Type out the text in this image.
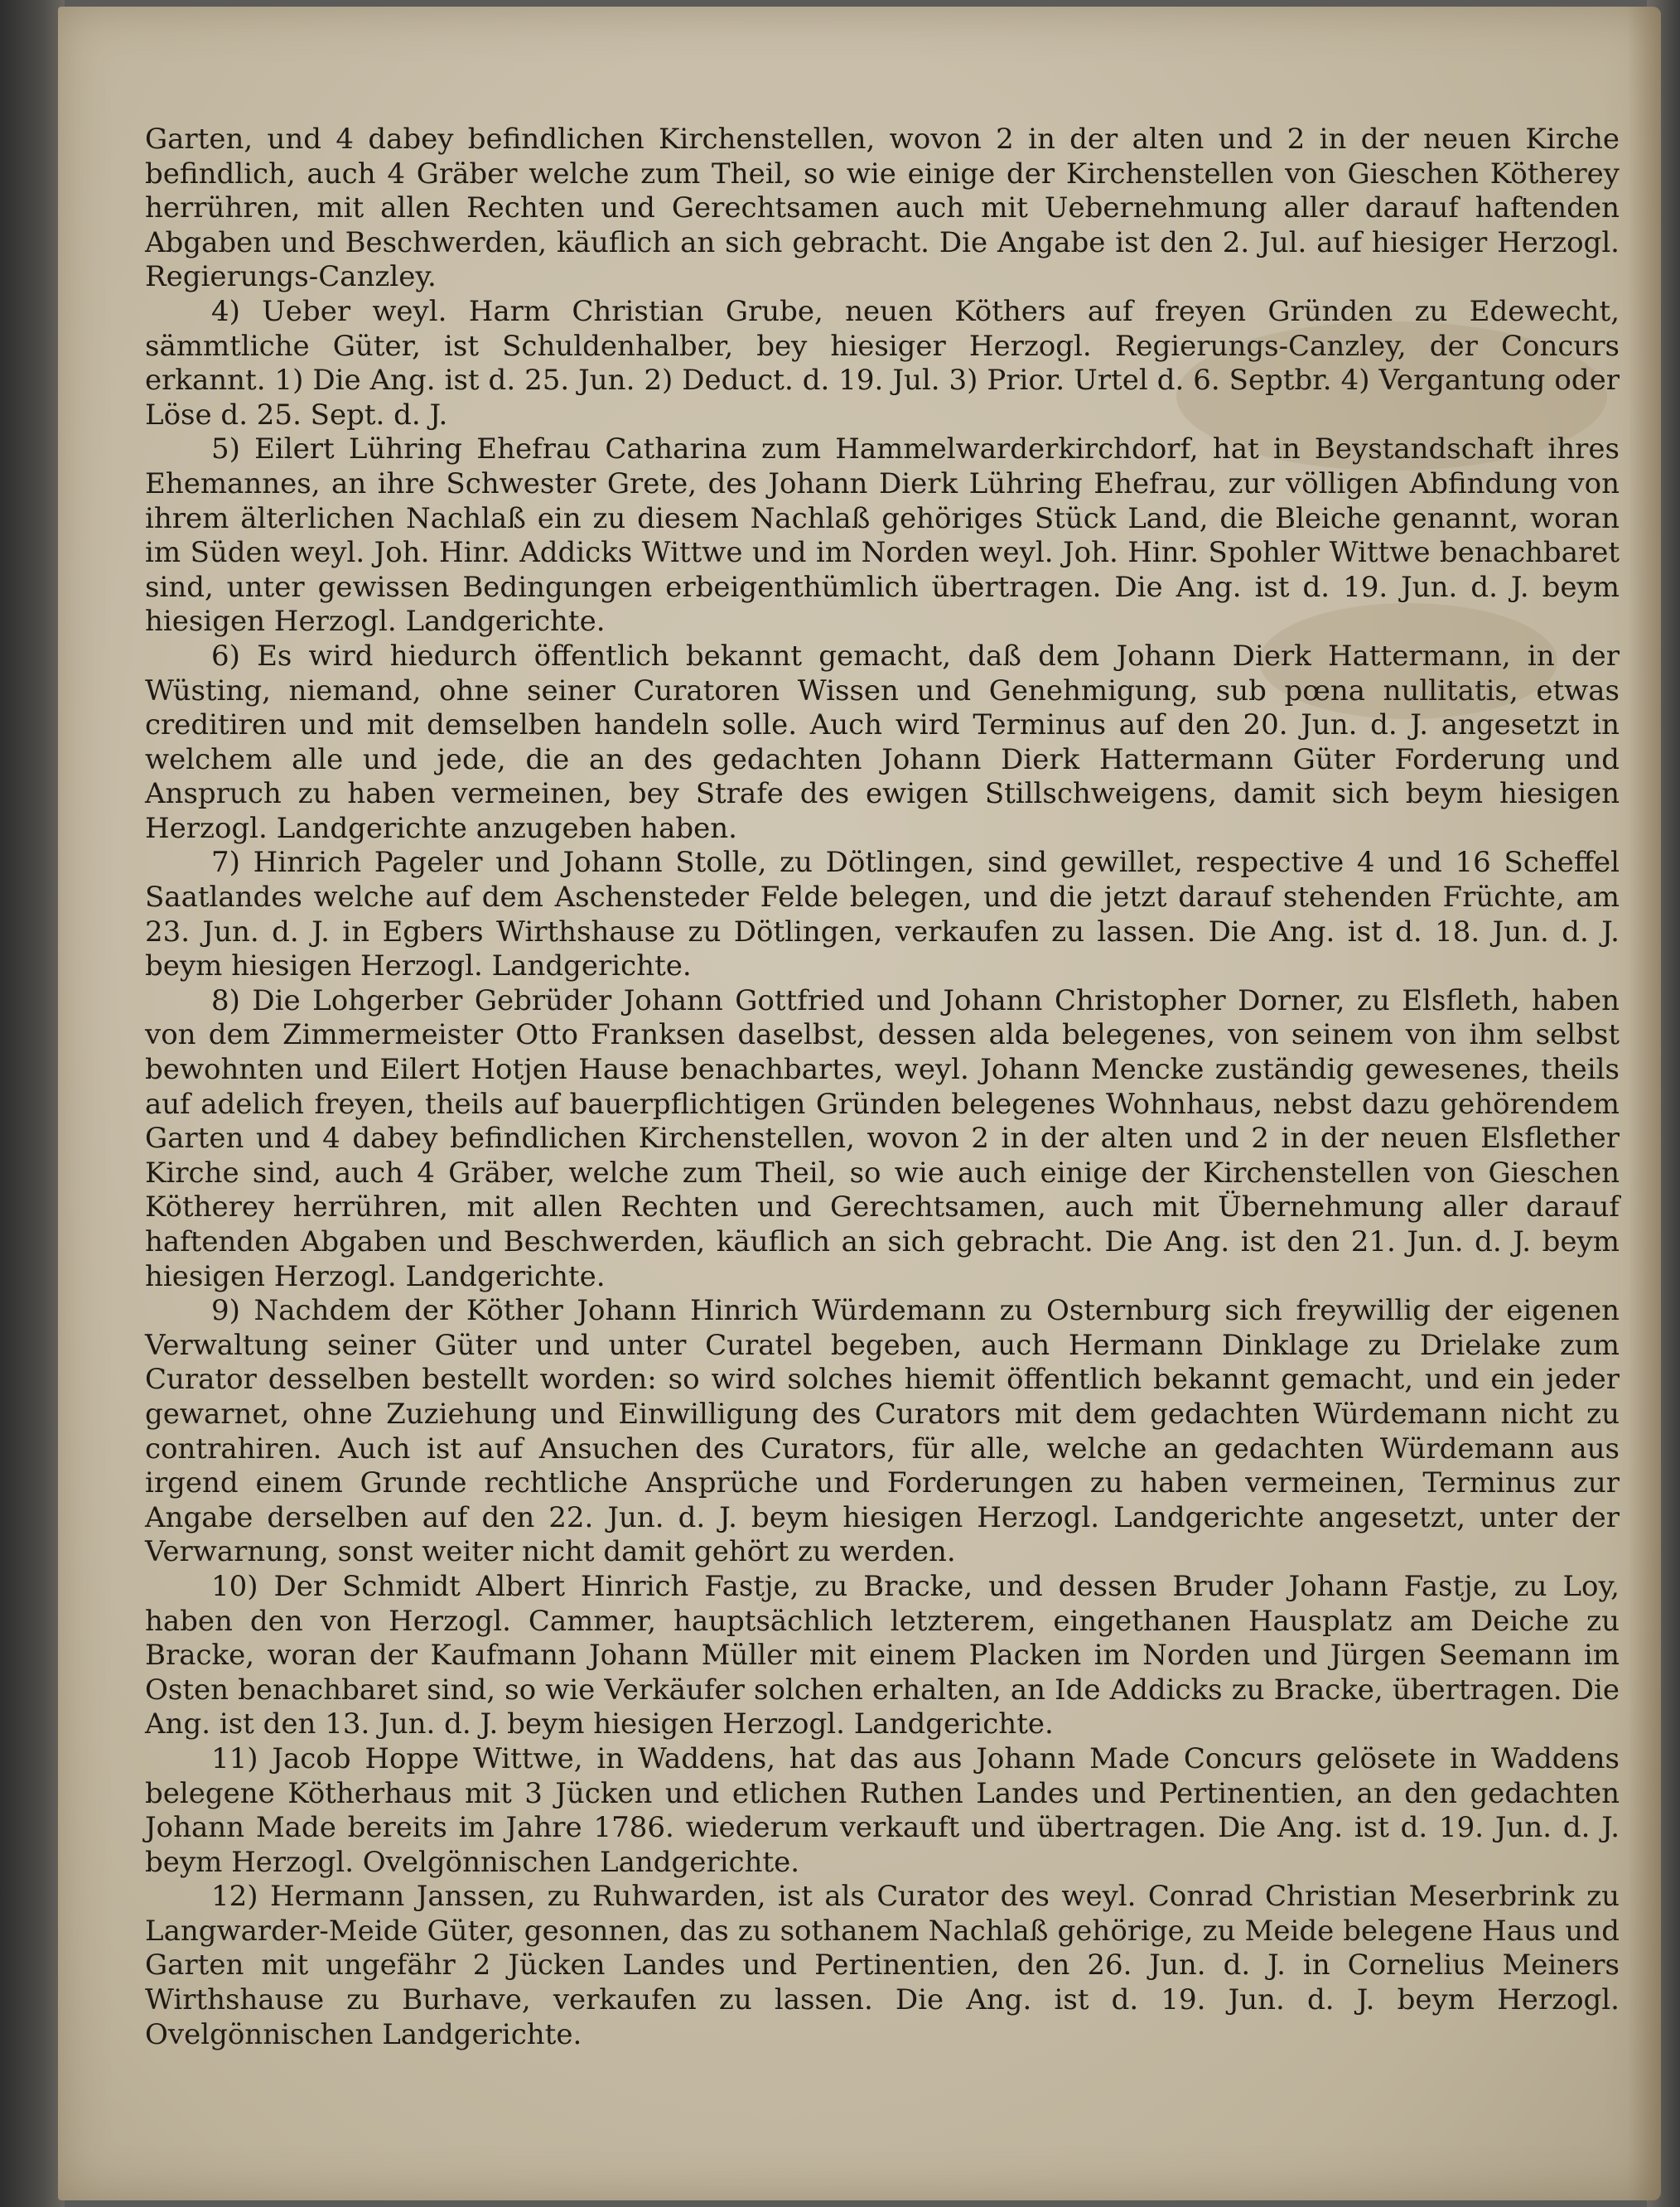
Garten, und 4 dabey befindlichen Kirchenstellen, wovon 2 in der alten und 2 in der neuen Kirche befindlich, auch 4 Gräber welche zum Theil, so wie einige der Kirchenstellen von Gieschen Kötherey herrühren, mit allen Rechten und Gerechtsamen auch mit Uebernehmung aller darauf haftenden Abgaben und Beschwerden, käuflich an sich gebracht. Die Angabe ist den 2. Jul. auf hiesiger Herzogl. Regierungs-Canzley.

4) Ueber weyl. Harm Christian Grube, neuen Köthers auf freyen Gründen zu Edewecht, sämmtliche Güter, ist Schuldenhalber, bey hiesiger Herzogl. Regierungs-Canzley, der Concurs erkannt. 1) Die Ang. ist d. 25. Jun. 2) Deduct. d. 19. Jul. 3) Prior. Urtel d. 6. Septbr. 4) Vergantung oder Löse d. 25. Sept. d. J.

5) Eilert Lühring Ehefrau Catharina zum Hammelwarderkirchdorf, hat in Beystandschaft ihres Ehemannes, an ihre Schwester Grete, des Johann Dierk Lühring Ehefrau, zur völligen Abfindung von ihrem älterlichen Nachlaß ein zu diesem Nachlaß gehöriges Stück Land, die Bleiche genannt, woran im Süden weyl. Joh. Hinr. Addicks Wittwe und im Norden weyl. Joh. Hinr. Spohler Wittwe benachbaret sind, unter gewissen Bedingungen erbeigenthümlich übertragen. Die Ang. ist d. 19. Jun. d. J. beym hiesigen Herzogl. Landgerichte.

6) Es wird hiedurch öffentlich bekannt gemacht, daß dem Johann Dierk Hattermann, in der Wüsting, niemand, ohne seiner Curatoren Wissen und Genehmigung, sub pœna nullitatis, etwas creditiren und mit demselben handeln solle. Auch wird Terminus auf den 20. Jun. d. J. angesetzt in welchem alle und jede, die an des gedachten Johann Dierk Hattermann Güter Forderung und Anspruch zu haben vermeinen, bey Strafe des ewigen Stillschweigens, damit sich beym hiesigen Herzogl. Landgerichte anzugeben haben.

7) Hinrich Pageler und Johann Stolle, zu Dötlingen, sind gewillet, respective 4 und 16 Scheffel Saatlandes welche auf dem Aschensteder Felde belegen, und die jetzt darauf stehenden Früchte, am 23. Jun. d. J. in Egbers Wirthshause zu Dötlingen, verkaufen zu lassen. Die Ang. ist d. 18. Jun. d. J. beym hiesigen Herzogl. Landgerichte.

8) Die Lohgerber Gebrüder Johann Gottfried und Johann Christopher Dorner, zu Elsfleth, haben von dem Zimmermeister Otto Franksen daselbst, dessen alda belegenes, von seinem von ihm selbst bewohnten und Eilert Hotjen Hause benachbartes, weyl. Johann Mencke zuständig gewesenes, theils auf adelich freyen, theils auf bauerpflichtigen Gründen belegenes Wohnhaus, nebst dazu gehörendem Garten und 4 dabey befindlichen Kirchenstellen, wovon 2 in der alten und 2 in der neuen Elsflether Kirche sind, auch 4 Gräber, welche zum Theil, so wie auch einige der Kirchenstellen von Gieschen Kötherey herrühren, mit allen Rechten und Gerechtsamen, auch mit Übernehmung aller darauf haftenden Abgaben und Beschwerden, käuflich an sich gebracht. Die Ang. ist den 21. Jun. d. J. beym hiesigen Herzogl. Landgerichte.

9) Nachdem der Köther Johann Hinrich Würdemann zu Osternburg sich freywillig der eigenen Verwaltung seiner Güter und unter Curatel begeben, auch Hermann Dinklage zu Drielake zum Curator desselben bestellt worden: so wird solches hiemit öffentlich bekannt gemacht, und ein jeder gewarnet, ohne Zuziehung und Einwilligung des Curators mit dem gedachten Würdemann nicht zu contrahiren. Auch ist auf Ansuchen des Curators, für alle, welche an gedachten Würdemann aus irgend einem Grunde rechtliche Ansprüche und Forderungen zu haben vermeinen, Terminus zur Angabe derselben auf den 22. Jun. d. J. beym hiesigen Herzogl. Landgerichte angesetzt, unter der Verwarnung, sonst weiter nicht damit gehört zu werden.

10) Der Schmidt Albert Hinrich Fastje, zu Bracke, und dessen Bruder Johann Fastje, zu Loy, haben den von Herzogl. Cammer, hauptsächlich letzterem, eingethanen Hausplatz am Deiche zu Bracke, woran der Kaufmann Johann Müller mit einem Placken im Norden und Jürgen Seemann im Osten benachbaret sind, so wie Verkäufer solchen erhalten, an Ide Addicks zu Bracke, übertragen. Die Ang. ist den 13. Jun. d. J. beym hiesigen Herzogl. Landgerichte.

11) Jacob Hoppe Wittwe, in Waddens, hat das aus Johann Made Concurs gelösete in Waddens belegene Kötherhaus mit 3 Jücken und etlichen Ruthen Landes und Pertinentien, an den gedachten Johann Made bereits im Jahre 1786. wiederum verkauft und übertragen. Die Ang. ist d. 19. Jun. d. J. beym Herzogl. Ovelgönnischen Landgerichte.

12) Hermann Janssen, zu Ruhwarden, ist als Curator des weyl. Conrad Christian Meserbrink zu Langwarder-Meide Güter, gesonnen, das zu sothanem Nachlaß gehörige, zu Meide belegene Haus und Garten mit ungefähr 2 Jücken Landes und Pertinentien, den 26. Jun. d. J. in Cornelius Meiners Wirthshause zu Burhave, verkaufen zu lassen. Die Ang. ist d. 19. Jun. d. J. beym Herzogl. Ovelgönnischen Landgerichte.
